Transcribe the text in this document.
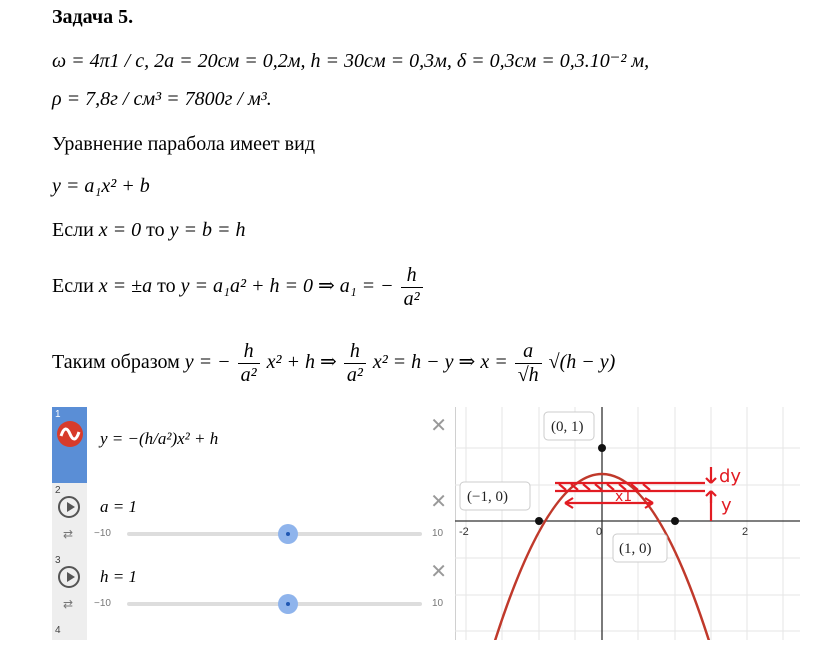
Задача 5.
ω = 4π1 / c, 2a = 20см = 0,2м, h = 30см = 0,3м, δ = 0,3см = 0,3.10⁻² м,
ρ = 7,8г / см³ = 7800г / м³.
Уравнение парабола имеет вид
y = a₁x² + b
Если x = 0 то y = b = h
Если x = ±a то y = a₁a² + h = 0 ⇒ a₁ = − $\frac{h}{\text{a²}}$
Таким образом y = − $\frac{h}{\text{a²}} x^2 + h$ ⇒ $\frac{h}{\text{a²}} x^2 = h - y$ ⇒ $x = \frac{a}{√h} √(h - y)$
1
y = −(h/a²)x² + h
✕
2
⇄
a = 1	✕
−10	10
3
⇄
h = 1	✕
−10	10
4
-2	0	2
dy
y
x1
(0, 1)
(−1, 0)
(1, 0)
